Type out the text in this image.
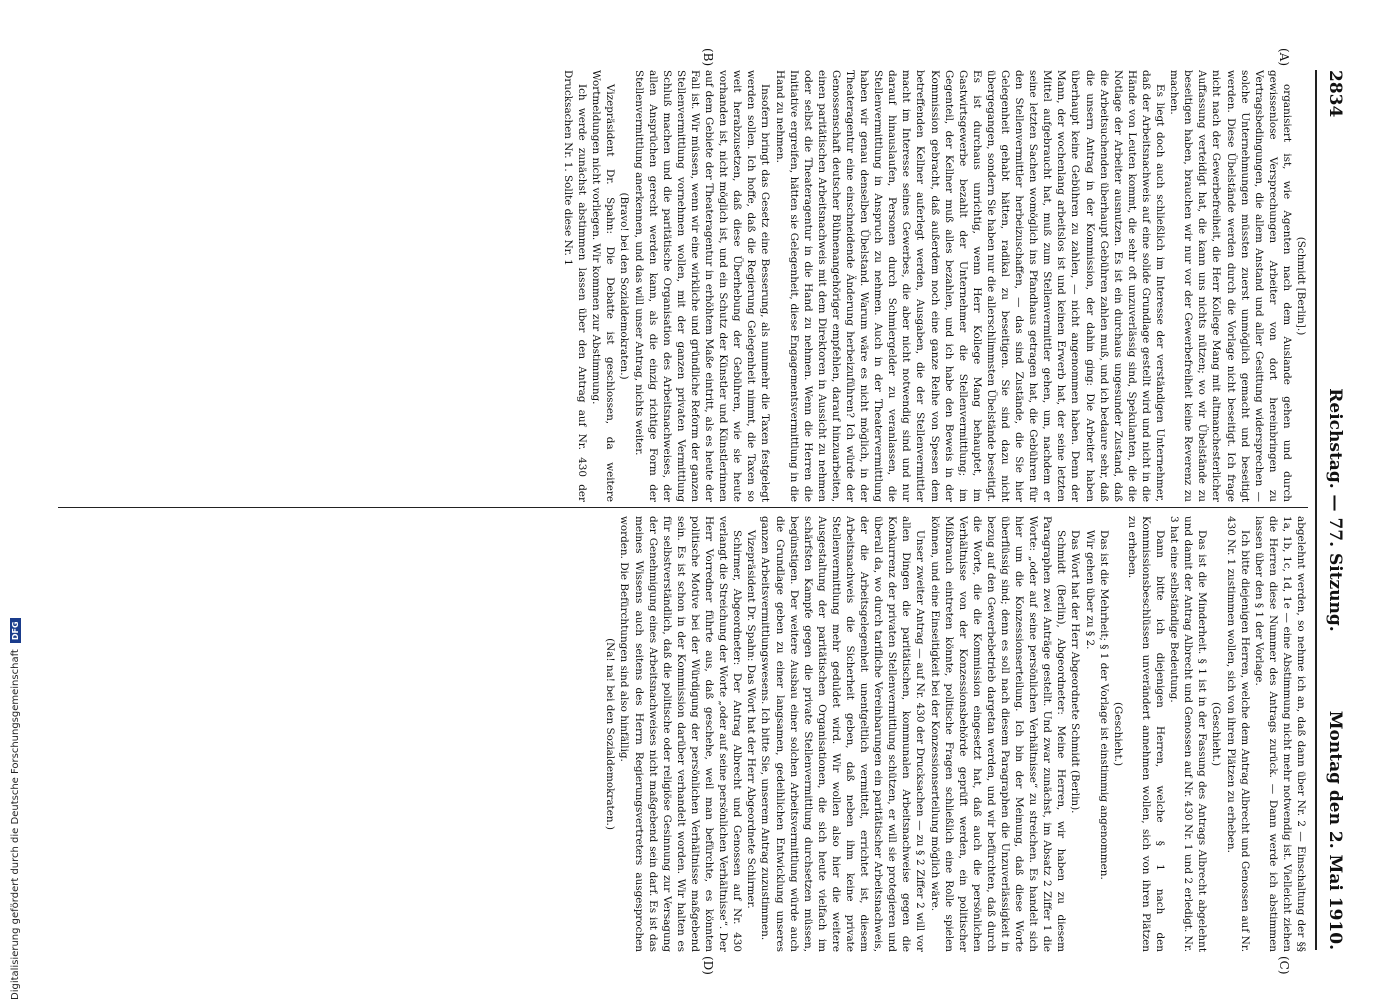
2834
Reichstag. — 77. Sitzung.
Montag den 2. Mai 1910.
(A)
(B)
(C)
(D)

(Schmidt [Berlin].)

organisiert ist, wie Agenten nach dem Auslande gehen und durch gewissenlose Versprechungen Arbeiter von dort hereinbringen zu Vertragsbedingungen, die allem Anstand und aller Gesittung widersprechen — solche Unternehmungen müssten zuerst unmöglich gemacht und beseitigt werden. Diese Übelstände werden durch die Vorlage nicht beseitigt. Ich frage nicht nach der Gewerbefreiheit, die Herr Kollege Mang mit altmanchesterlicher Auffassung verteidigt hat, die kann uns nichts nützen; wo wir Übelstände zu beseitigen haben, brauchen wir nur vor der Gewerbefreiheit keine Reverenz zu machen.

Es liegt doch auch schließlich im Interesse der verständigen Unternehmer, daß der Arbeitsnachweis auf eine solide Grundlage gestellt wird und nicht in die Hände von Leuten kommt, die sehr oft unzuverlässig sind, Spekulanten, die die Notlage der Arbeiter ausnutzen. Es ist ein durchaus ungesunder Zustand, daß die Arbeitsuchenden überhaupt Gebühren zahlen muß, und ich bedaure sehr, daß die unsern Antrag in der Kommission, der dahin ging: Die Arbeiter haben überhaupt keine Gebühren zu zahlen, — nicht angenommen haben. Denn der Mann, der wochenlang arbeitslos ist und keinen Erwerb hat, der seine letzten Mittel aufgebraucht hat, muß zum Stellenvermittler gehen, um, nachdem er seine letzten Sachen womöglich ins Pfandhaus getragen hat, die Gebühren für den Stellenvermittler herbeizuschaffen, — das sind Zustände, die Sie hier Gelegenheit gehabt hätten, radikal zu beseitigen. Sie sind dazu nicht übergegangen, sondern Sie haben nur die allerschlimmsten Übelstände beseitigt. Es ist durchaus unrichtig, wenn Herr Kollege Mang behauptet, im Gastwirtsgewerbe bezahlt der Unternehmer die Stellenvermittlung; im Gegenteil, der Kellner muß alles bezahlen, und ich habe den Beweis in der Kommission gebracht, daß außerdem noch eine ganze Reihe von Spesen dem betreffenden Kellner auferlegt werden, Ausgaben, die der Stellenvermittler macht im Interesse seines Gewerbes, die aber nicht notwendig sind und nur darauf hinauslaufen, Personen durch Schmiergelder zu veranlassen, die Stellenvermittlung in Anspruch zu nehmen. Auch in der Theatervermittlung haben wir genau denselben Übelstand. Warum wäre es nicht möglich, in der Theateragentur eine einschneidende Änderung herbeizuführen? Ich würde der Genossenschaft deutscher Bühnenangehöriger empfehlen, darauf hinzuarbeiten, einen paritätischen Arbeitsnachweis mit dem Direktoren in Aussicht zu nehmen oder selbst die Theateragentur in die Hand zu nehmen. Wenn die Herren die Initiative ergreifen, hätten sie Gelegenheit, diese Engagementsvermittlung in die Hand zu nehmen.

Insofern bringt das Gesetz eine Besserung, als nunmehr die Taxen festgelegt werden sollen. Ich hoffe, daß die Regierung Gelegenheit nimmt, die Taxen so weit herabzusetzen, daß diese Überhebung der Gebühren, wie sie heute vorhanden ist, nicht möglich ist, und ein Schutz der Künstler und Künstlerinnen auf dem Gebiete der Theateragentur in erhöhtem Maße eintritt, als es heute der Fall ist. Wir müssen, wenn wir eine wirkliche und gründliche Reform der ganzen Stellenvermittlung vornehmen wollen, mit der ganzen privaten Vermittlung Schluß machen und die paritätische Organisation des Arbeitsnachweises, der allen Ansprüchen gerecht werden kann, als die einzig richtige Form der Stellenvermittlung anerkennen, und das will unser Antrag, nichts weiter.

(Bravo! bei den Sozialdemokraten.)

Vizepräsident Dr. Spahn: Die Debatte ist geschlossen, da weitere Wortmeldungen nicht vorliegen. Wir kommen zur Abstimmung.

Ich werde zunächst abstimmen lassen über den Antrag auf Nr. 430 der Drucksachen Nr. 1. Sollte diese Nr. 1

abgelehnt werden, so nehme ich an, daß dann über Nr. 2 — Einschaltung der §§ 1a, 1b, 1c, 1d, 1e — eine Abstimmung nicht mehr notwendig ist. Vielleicht ziehen die Herren diese Nummer des Antrags zurück. — Dann werde ich abstimmen lassen über den § 1 der Vorlage.

Ich bitte diejenigen Herren, welche dem Antrag Albrecht und Genossen auf Nr. 430 Nr. 1 zustimmen wollen, sich von ihren Plätzen zu erheben.

(Geschieht.)

Das ist die Minderheit. § 1 ist in der Fassung des Antrags Albrecht abgelehnt und damit der Antrag Albrecht und Genossen auf Nr. 430 Nr. 1 und 2 erledigt. Nr. 3 hat eine selbständige Bedeutung.

Dann bitte ich diejenigen Herren, welche § 1 nach den Kommissionsbeschlüssen unverändert annehmen wollen, sich von ihren Plätzen zu erheben.

(Geschieht.)

Das ist die Mehrheit; § 1 der Vorlage ist einstimmig angenommen.

Wir gehen über zu § 2.

Das Wort hat der Herr Abgeordnete Schmidt (Berlin).

Schmidt (Berlin), Abgeordneter: Meine Herren, wir haben zu diesem Paragraphen zwei Anträge gestellt. Und zwar zunächst, im Absatz 2 Ziffer 1 die Worte: „oder auf seine persönlichen Verhältnisse“ zu streichen. Es handelt sich hier um die Konzessionserteilung. Ich bin der Meinung, daß diese Worte überflüssig sind; denn es soll nach diesem Paragraphen die Unzuverlässigkeit in bezug auf den Gewerbebetrieb dargetan werden, und wir befürchten, daß durch die Worte, die die Kommission eingesetzt hat, daß auch die persönlichen Verhältnisse von der Konzessionsbehörde geprüft werden, ein politischer Mißbrauch eintreten könnte, politische Fragen schließlich eine Rolle spielen können, und eine Einseitigkeit bei der Konzessionserteilung möglich wäre.

Unser zweiter Antrag — auf Nr. 430 der Drucksachen — zu § 2 Ziffer 2 will vor allen Dingen die paritätischen, kommunalen Arbeitsnachweise gegen die Konkurrenz der privaten Stellenvermittlung schützen, er will sie protegieren und überall da, wo durch tarifliche Vereinbarungen ein paritätischer Arbeitsnachweis, der die Arbeitsgelegenheit unentgeltlich vermittelt, errichtet ist, diesem Arbeitsnachweis die Sicherheit geben, daß neben ihm keine private Stellenvermittlung mehr geduldet wird. Wir wollen also hier die weitere Ausgestaltung der paritätischen Organisationen, die sich heute vielfach im schärfsten Kampfe gegen die private Stellenvermittlung durchsetzen müssen, begünstigen. Der weitere Ausbau einer solchen Arbeitsvermittlung würde auch die Grundlage geben zu einer langsamen, gedeihlichen Entwicklung unseres ganzen Arbeitsvermittlungswesens. Ich bitte Sie, unserem Antrag zuzustimmen.

Vizepräsident Dr. Spahn: Das Wort hat der Herr Abgeordnete Schirmer.

Schirmer, Abgeordneter: Der Antrag Albrecht und Genossen auf Nr. 430 verlangt die Streichung der Worte „oder auf seine persönlichen Verhältnisse“. Der Herr Vorredner führte aus, daß geschehe, weil man befürchte, es könnten politische Motive bei der Würdigung der persönlichen Verhältnisse maßgebend sein. Es ist schon in der Kommission darüber verhandelt worden. Wir halten es für selbstverständlich, daß die politische oder religiöse Gesinnung zur Versagung der Genehmigung eines Arbeitsnachweises nicht maßgebend sein darf. Es ist das meines Wissens auch seitens des Herrn Regierungsvertreters ausgesprochen worden. Die Befürchtungen sind also hinfällig.

(Na! na! bei den Sozialdemokraten.)

Digitalisierung gefördert durch die Deutsche ForschungsgemeinschaftDFG
